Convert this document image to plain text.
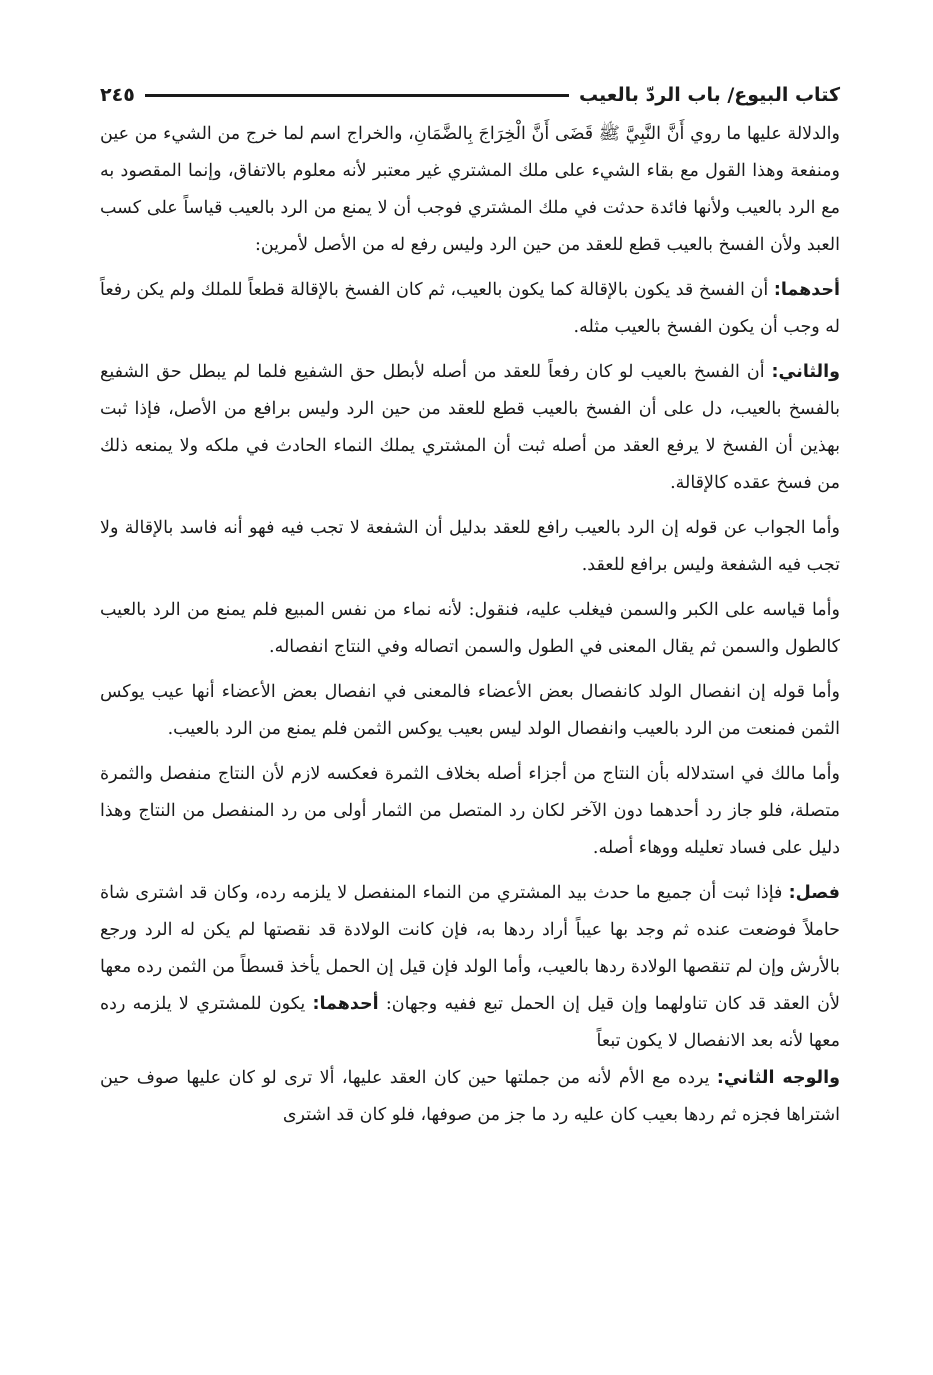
كتاب البيوع/ باب الردّ بالعيب
٢٤٥

والدلالة عليها ما روي أَنَّ النَّبِيَّ ﷺ قَضَى أَنَّ الْخِرَاجَ بِالضَّمَانِ، والخراج اسم لما خرج من الشيء من عين ومنفعة وهذا القول مع بقاء الشيء على ملك المشتري غير معتبر لأنه معلوم بالاتفاق، وإنما المقصود به مع الرد بالعيب ولأنها فائدة حدثت في ملك المشتري فوجب أن لا يمنع من الرد بالعيب قياساً على كسب العبد ولأن الفسخ بالعيب قطع للعقد من حين الرد وليس رفع له من الأصل لأمرين:

أحدهما: أن الفسخ قد يكون بالإقالة كما يكون بالعيب، ثم كان الفسخ بالإقالة قطعاً للملك ولم يكن رفعاً له وجب أن يكون الفسخ بالعيب مثله.

والثاني: أن الفسخ بالعيب لو كان رفعاً للعقد من أصله لأبطل حق الشفيع فلما لم يبطل حق الشفيع بالفسخ بالعيب، دل على أن الفسخ بالعيب قطع للعقد من حين الرد وليس برافع من الأصل، فإذا ثبت بهذين أن الفسخ لا يرفع العقد من أصله ثبت أن المشتري يملك النماء الحادث في ملكه ولا يمنعه ذلك من فسخ عقده كالإقالة.

وأما الجواب عن قوله إن الرد بالعيب رافع للعقد بدليل أن الشفعة لا تجب فيه فهو أنه فاسد بالإقالة ولا تجب فيه الشفعة وليس برافع للعقد.

وأما قياسه على الكبر والسمن فيغلب عليه، فنقول: لأنه نماء من نفس المبيع فلم يمنع من الرد بالعيب كالطول والسمن ثم يقال المعنى في الطول والسمن اتصاله وفي النتاج انفصاله.

وأما قوله إن انفصال الولد كانفصال بعض الأعضاء فالمعنى في انفصال بعض الأعضاء أنها عيب يوكس الثمن فمنعت من الرد بالعيب وانفصال الولد ليس بعيب يوكس الثمن فلم يمنع من الرد بالعيب.

وأما مالك في استدلاله بأن النتاج من أجزاء أصله بخلاف الثمرة فعكسه لازم لأن النتاج منفصل والثمرة متصلة، فلو جاز رد أحدهما دون الآخر لكان رد المتصل من الثمار أولى من رد المنفصل من النتاج وهذا دليل على فساد تعليله ووهاء أصله.

فصل: فإذا ثبت أن جميع ما حدث بيد المشتري من النماء المنفصل لا يلزمه رده، وكان قد اشترى شاة حاملاً فوضعت عنده ثم وجد بها عيباً أراد ردها به، فإن كانت الولادة قد نقصتها لم يكن له الرد ورجع بالأرش وإن لم تنقصها الولادة ردها بالعيب، وأما الولد فإن قيل إن الحمل يأخذ قسطاً من الثمن رده معها لأن العقد قد كان تناولهما وإن قيل إن الحمل تبع ففيه وجهان: أحدهما: يكون للمشتري لا يلزمه رده معها لأنه بعد الانفصال لا يكون تبعاً

والوجه الثاني: يرده مع الأم لأنه من جملتها حين كان العقد عليها، ألا ترى لو كان عليها صوف حين اشتراها فجزه ثم ردها بعيب كان عليه رد ما جز من صوفها، فلو كان قد اشترى
